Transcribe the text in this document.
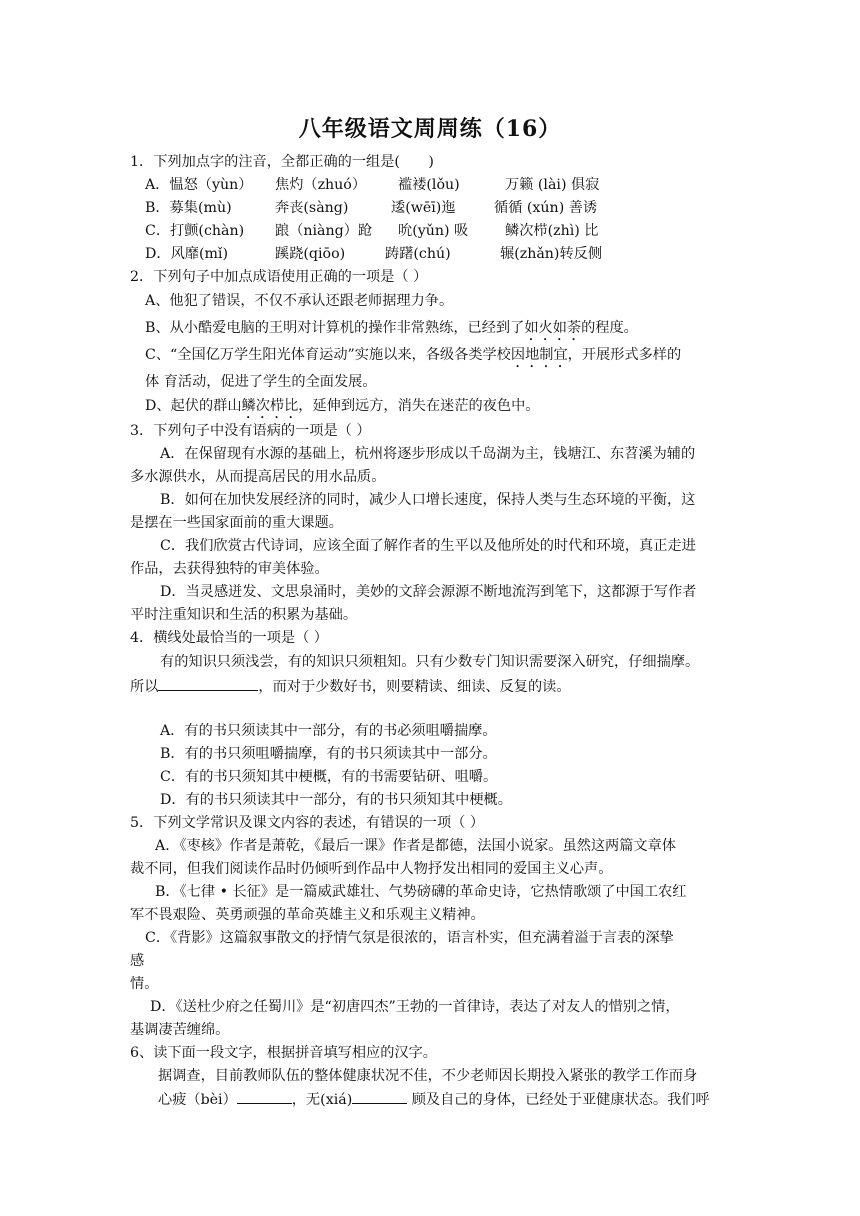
八年级语文周周练（16）
1．下列加点字的注音，全都正确的一组是(　　)
A．愠怒（yùn） 焦灼（zhuó） 褴褛(lǒu)	万籁 (lài) 俱寂
B．募集(mù)	奔丧(sàng)	逶(wēī)迤	循循 (xún) 善诱
C．打颤(chàn) 踉（niàng）跄 吮(yǔn) 吸	鳞次栉(zhì) 比
D．风靡(mǐ)	蹊跷(qiōo)	踌躇(chú)	辗(zhǎn)转反侧
2．下列句子中加点成语使用正确的一项是（ ）
A、他犯了错误，不仅不承认还跟老师据理力争。
B、从小酷爱电脑的王明对计算机的操作非常熟练，已经到了如火如荼的程度。
C、“全国亿万学生阳光体育运动”实施以来，各级各类学校因地制宜，开展形式多样的
体 育活动，促进了学生的全面发展。
D、起伏的群山鳞次栉比，延伸到远方，消失在迷茫的夜色中。
3．下列句子中没有语病的一项是（ ）
A．在保留现有水源的基础上，杭州将逐步形成以千岛湖为主，钱塘江、东苕溪为辅的
多水源供水，从而提高居民的用水品质。
B．如何在加快发展经济的同时，减少人口增长速度，保持人类与生态环境的平衡，这
是摆在一些国家面前的重大课题。
C．我们欣赏古代诗词，应该全面了解作者的生平以及他所处的时代和环境，真正走进
作品，去获得独特的审美体验。
D．当灵感迸发、文思泉涌时，美妙的文辞会源源不断地流泻到笔下，这都源于写作者
平时注重知识和生活的积累为基础。
4．横线处最恰当的一项是（ ）
有的知识只须浅尝，有的知识只须粗知。只有少数专门知识需要深入研究，仔细揣摩。
所以	，而对于少数好书，则要精读、细读、反复的读。
A．有的书只须读其中一部分，有的书必须咀嚼揣摩。
B．有的书只须咀嚼揣摩，有的书只须读其中一部分。
C．有的书只须知其中梗概，有的书需要钻研、咀嚼。
D．有的书只须读其中一部分，有的书只须知其中梗概。
5．下列文学常识及课文内容的表述，有错误的一项（ ）
A．《枣核》作者是萧乾，《最后一课》作者是都德，法国小说家。虽然这两篇文章体
裁不同，但我们阅读作品时仍倾听到作品中人物抒发出相同的爱国主义心声。
B．《七律 • 长征》是一篇威武雄壮、气势磅礴的革命史诗，它热情歌颂了中国工农红
军不畏艰险、英勇顽强的革命英雄主义和乐观主义精神。
C．《背影》这篇叙事散文的抒情气氛是很浓的，语言朴实，但充满着溢于言表的深挚
感
情。
D．《送杜少府之任蜀川》是“初唐四杰”王勃的一首律诗，表达了对友人的惜别之情，
基调凄苦缠绵。
6、读下面一段文字，根据拼音填写相应的汉字。
据调查，目前教师队伍的整体健康状况不佳，不少老师因长期投入紧张的教学工作而身
心疲（bèi）	，无(xiá)	顾及自己的身体，已经处于亚健康状态。我们呼
